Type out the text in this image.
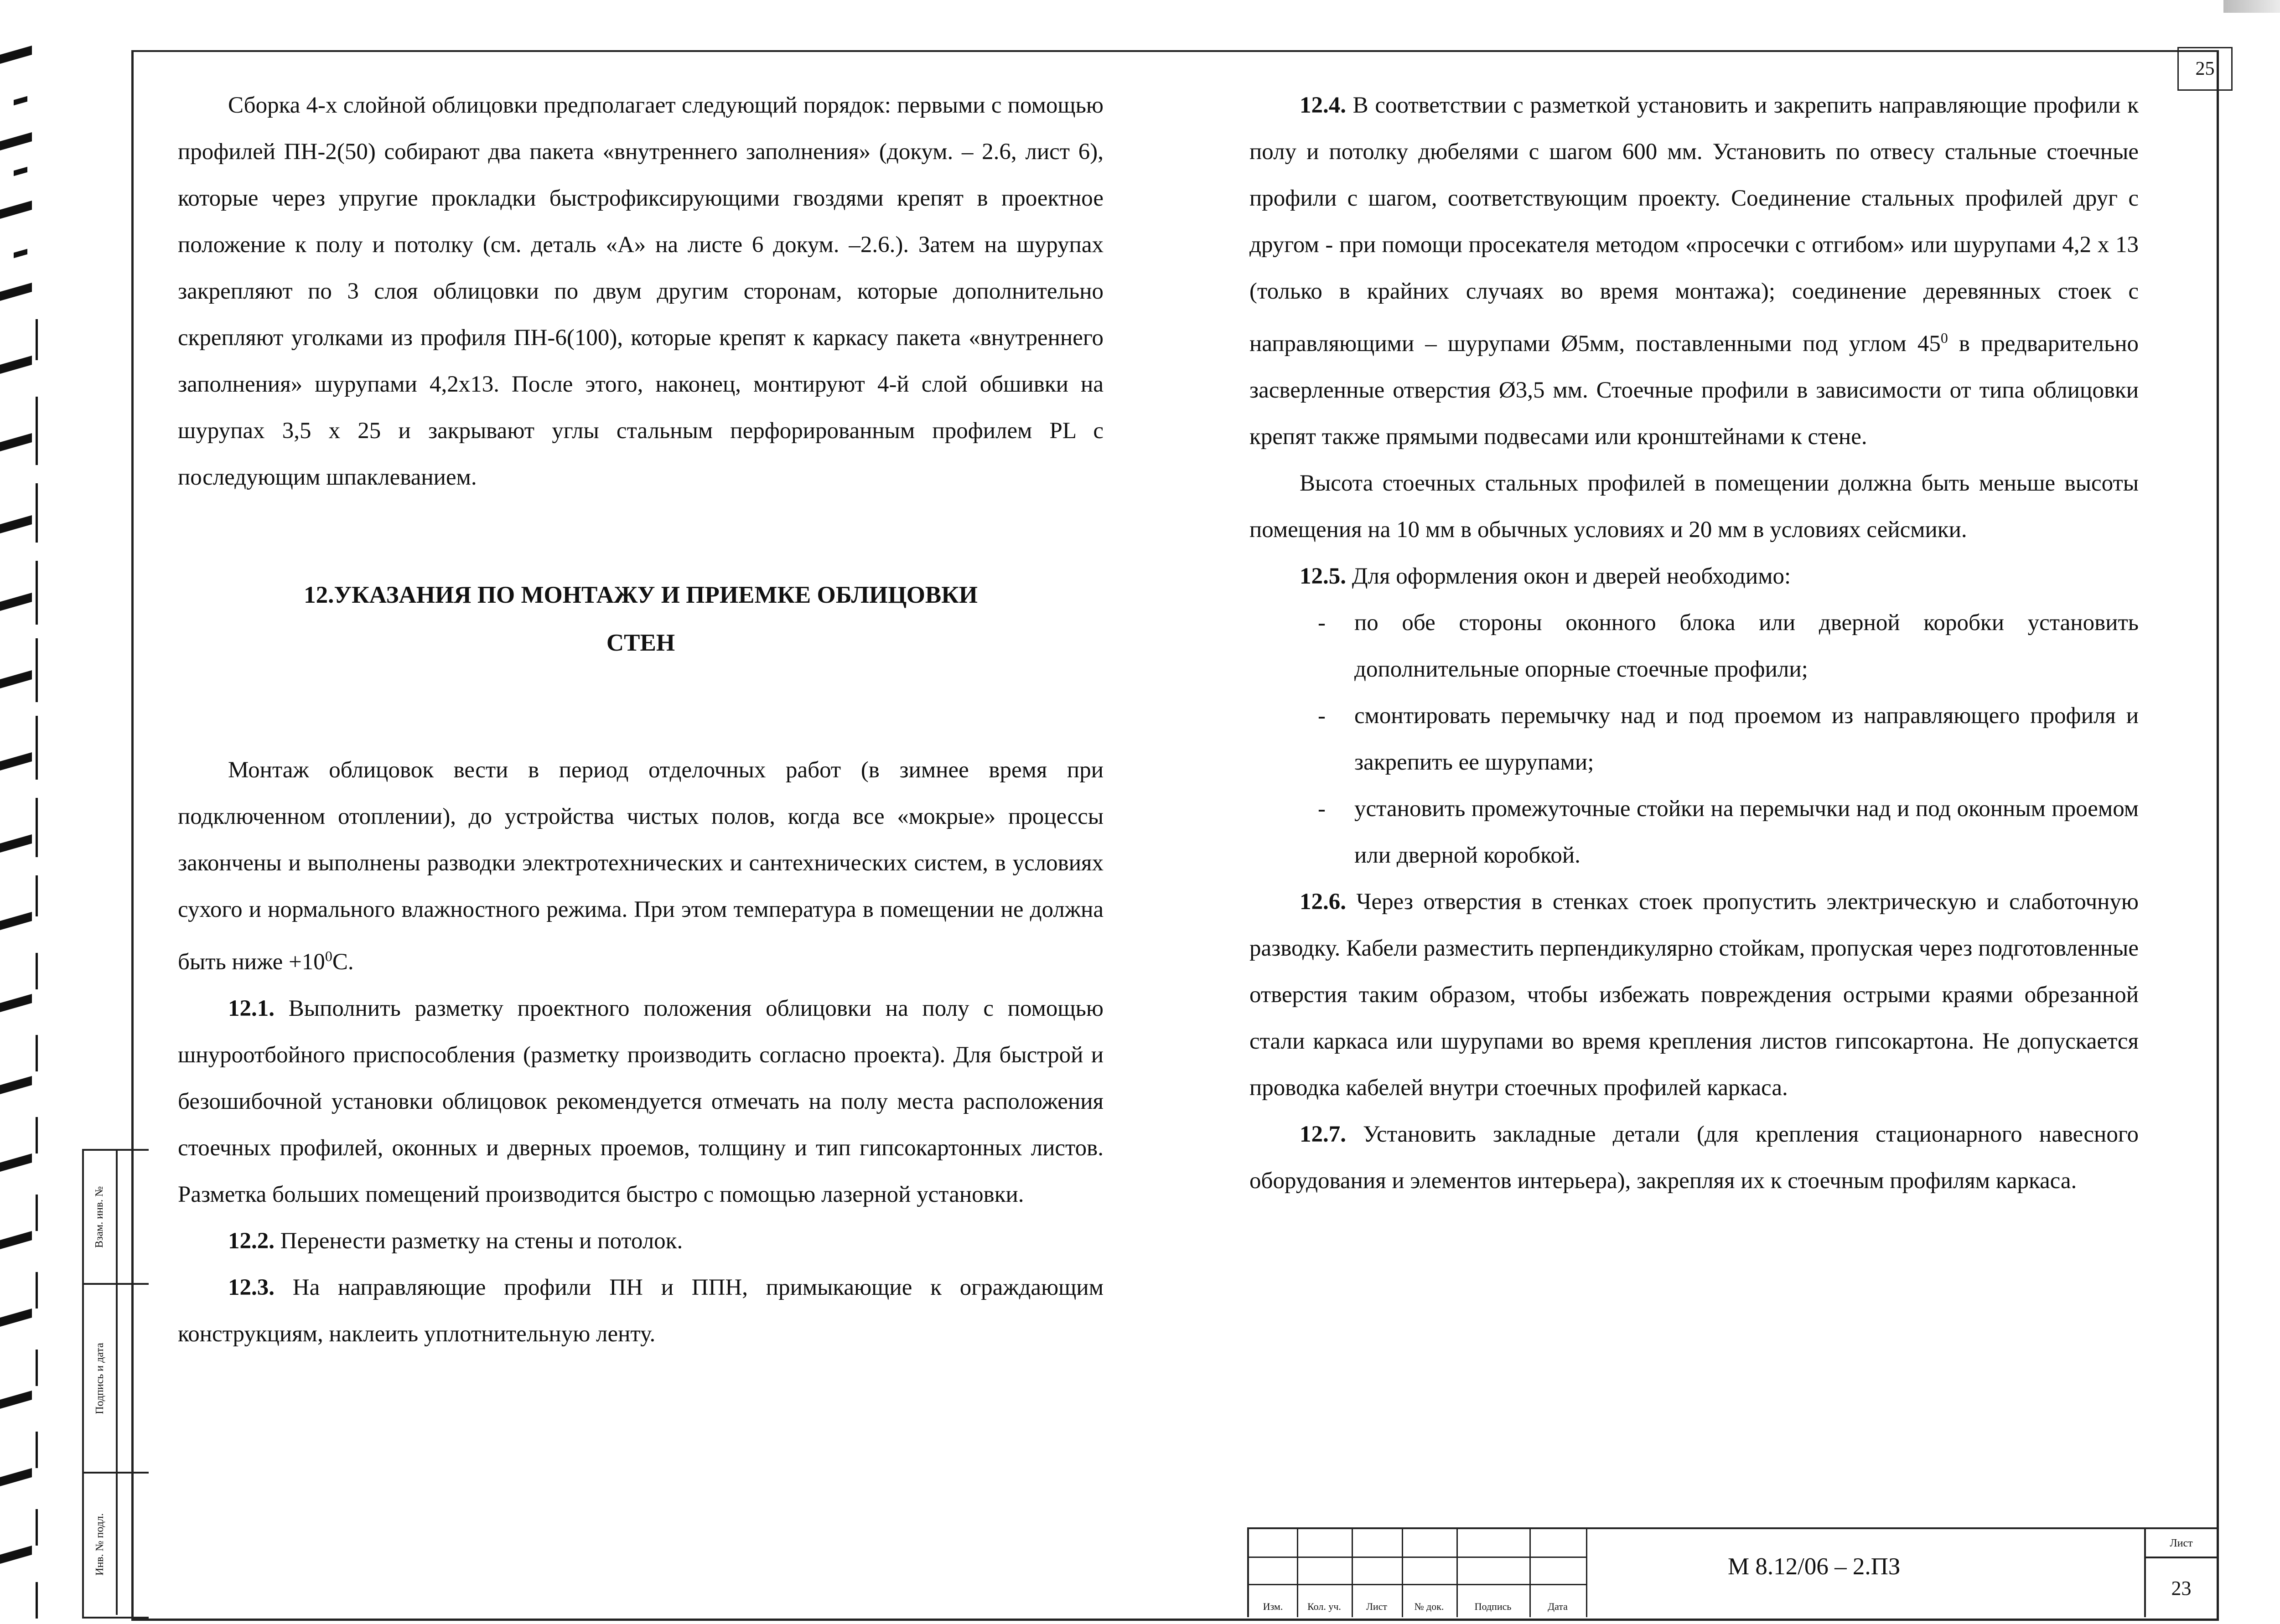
25

Сборка 4-х слойной облицовки предполагает следующий порядок: первыми с помощью профилей ПН-2(50) собирают два пакета «внутреннего заполнения» (докум. – 2.6, лист 6), которые через упругие прокладки быстрофиксирующими гвоздями крепят в проектное положение к полу и потолку (см. деталь «А» на листе 6 докум. –2.6.). Затем на шурупах закрепляют по 3 слоя облицовки по двум другим сторонам, которые дополнительно скрепляют уголками из профиля ПН-6(100), которые крепят к каркасу пакета «внутреннего заполнения» шурупами 4,2х13. После этого, наконец, монтируют 4-й слой обшивки на шурупах 3,5 х 25 и закрывают углы стальным перфорированным профилем PL с последующим шпаклеванием.

12.УКАЗАНИЯ ПО МОНТАЖУ И ПРИЕМКЕ ОБЛИЦОВКИ
СТЕН

Монтаж облицовок вести в период отделочных работ (в зимнее время при подключенном отоплении), до устройства чистых полов, когда все «мокрые» процессы закончены и выполнены разводки электротехнических и сантехнических систем, в условиях сухого и нормального влажностного режима. При этом температура в помещении не должна быть ниже $+10^0С$.

12.1. Выполнить разметку проектного положения облицовки на полу с помощью шнуроотбойного приспособления (разметку производить согласно проекта). Для быстрой и безошибочной установки облицовок рекомендуется отмечать на полу места расположения стоечных профилей, оконных и дверных проемов, толщину и тип гипсокартонных листов. Разметка больших помещений производится быстро с помощью лазерной установки.

12.2. Перенести разметку на стены и потолок.

12.3. На направляющие профили ПН и ППН, примыкающие к ограждающим конструкциям, наклеить уплотнительную ленту.

12.4. В соответствии с разметкой установить и закрепить направляющие профили к полу и потолку дюбелями с шагом 600 мм. Установить по отвесу стальные стоечные профили с шагом, соответствующим проекту. Соединение стальных профилей друг с другом - при помощи просекателя методом «просечки с отгибом» или шурупами 4,2 х 13 (только в крайних случаях во время монтажа); соединение деревянных стоек с направляющими – шурупами Ø5мм, поставленными под углом $45^0$ в предварительно засверленные отверстия Ø3,5 мм. Стоечные профили в зависимости от типа облицовки крепят также прямыми подвесами или кронштейнами к стене.

Высота стоечных стальных профилей в помещении должна быть меньше высоты помещения на 10 мм в обычных условиях и 20 мм в условиях сейсмики.

12.5. Для оформления окон и дверей необходимо:

- по обе стороны оконного блока или дверной коробки установить дополнительные опорные стоечные профили;
- смонтировать перемычку над и под проемом из направляющего профиля и закрепить ее шурупами;
- установить промежуточные стойки на перемычки над и под оконным проемом или дверной коробкой.

12.6. Через отверстия в стенках стоек пропустить электрическую и слаботочную разводку. Кабели разместить перпендикулярно стойкам, пропуская через подготовленные отверстия таким образом, чтобы избежать повреждения острыми краями обрезанной стали каркаса или шурупами во время крепления листов гипсокартона. Не допускается проводка кабелей внутри стоечных профилей каркаса.

12.7. Установить закладные детали (для крепления стационарного навесного оборудования и элементов интерьера), закрепляя их к стоечным профилям каркаса.

Взам. инв. №
Подпись и дата
Инв. № подл.
Изм.	Кол. уч.	Лист	№ док.	Подпись	Дата
М 8.12/06 – 2.ПЗ
Лист
23
